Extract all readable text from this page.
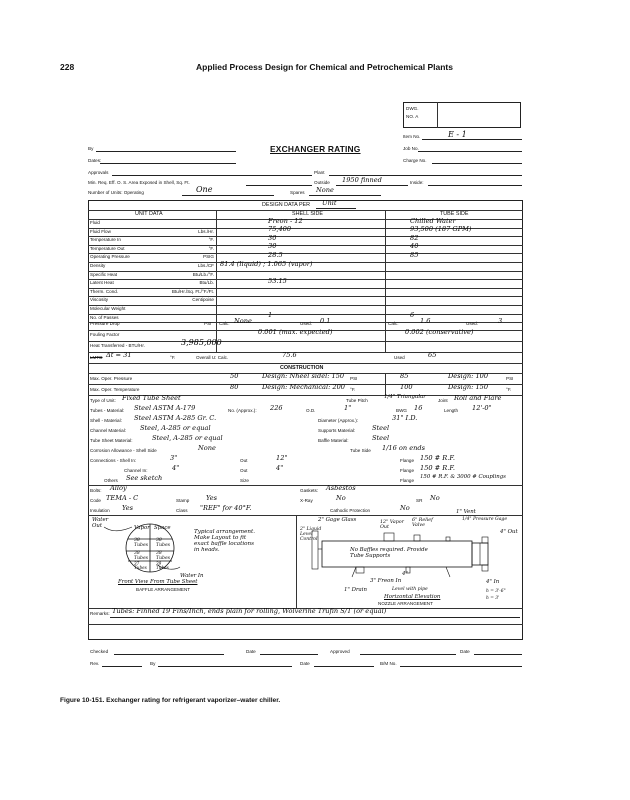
228	Applied Process Design for Chemical and Petrochemical Plants
DWG.
NO. A
Item No.	E - 1
Job No.
Charge No.
By	EXCHANGER RATING
Dates:
Approvals	Plant
Min. Req. Eff. O. S. Area Exposed in Shell, Sq. Ft.	Outside 1950 finned	Inside:
Number of Units: Operating	One	Spares None
DESIGN DATA PER Unit
UNIT DATA	SHELL SIDE	TUBE SIDE
Fluid	Freon - 12	Chilled Water
Fluid Flow	Lbs./Hr.	75,400	93,500 (187 GPM)
Temperature In	°F.	30	82
Temperature Out	°F.	30	40
Operating Pressure	PSIG	28.5	85
Density	Lbs./CF 81.4 (liquid) ; 1.065 (vapor)
Specific Heat	Btu/Lb./°F.
Latent Heat	Btu/Lb.	53.15
Therm. Cond.	Btu/Hr./Sq. Ft./°F./Ft.
Viscosity	Centipoise
Molecular Weight
No. of Passes	1	6
Pressure Drop	PSI Calc: None	Used: 0.1	Calc:	1.6	Used:	3
Fouling Factor	0.001 (max. expected)	0.002 (conservative)
Heat Transferred - BTU/Hr.	3,985,000
LMTD Δt = 31	°F.	Overall U: Calc.	75.6	Used	65
CONSTRUCTION
Max. Oper. Pressure	50	Design: Nheel sidel: 150 PSI	85	Design: 100	PSI
Max. Oper. Temperature	80	Design: Mechanical: 200 °F.	100	Design: 150	°F.
Type of Unit: Fixed Tube Sheet	Tube Pitch
1/4" Triangular
Joint Roll and Flare
Tubes - Material: Steel ASTM A-179	No. (Approx.): 226	O.D.	1"	BWG 16	Length 12'-0"
Shell - Material: Steel ASTM A-285 Gr. C.	Diameter (Approx.):	31" I.D.
Channel Material: Steel, A-285 or equal	Supports Material:	Steel
Tube Sheet Material:	Steel, A-285 or equal	Baffle Material:	Steel
Corrosion Allowance - Shell Side	None	Tube Side 1/16 on ends
Connections - Shell In:	3"	Out	12"	Flange 150 # R.F.
Channel In:	4"	Out	4"	Flange 150 # R.F.
Others See sketch	Size	Flange
150 # R.F. & 3000 # Couplings
Bolts: Alloy	Gaskets: Asbestos
Code TEMA - C	Stamp	Yes	X-Ray	No	SR No
Insulation Yes	Class "REF" for 40°F.	Cathodic Protection	No
Water Out	Vapor Space
38 Tubes
38 Tubes
38 Tubes
38 Tubes
37 Tubes
39 Tubes
Typical arrangement. Make Layout to fit exact baffle locations in heads.
Water In
Front View From Tube Sheet
BAFFLE ARRANGEMENT
2" Gage Glass
2" Liquid Level Control
12" Vapor Out
6" Relief Valve
1" Vent
1/4" Pressure Gage
4" Out
No Baffles required. Provide Tube Supports
4"
3" Freon In	4" In
1" Drain	Level with pipe	h = 3'-6"
h = 3'
Horizontal Elevation
NOZZLE ARRANGEMENT
Remarks: Tubes: Finned 19 Fins/Inch, ends plain for rolling, Wolverine Trufin S/T (or equal)
Checked	Date	Approved	Date
Rev.	By	Date	B/M No.
Figure 10-151. Exchanger rating for refrigerant vaporizer–water chiller.
